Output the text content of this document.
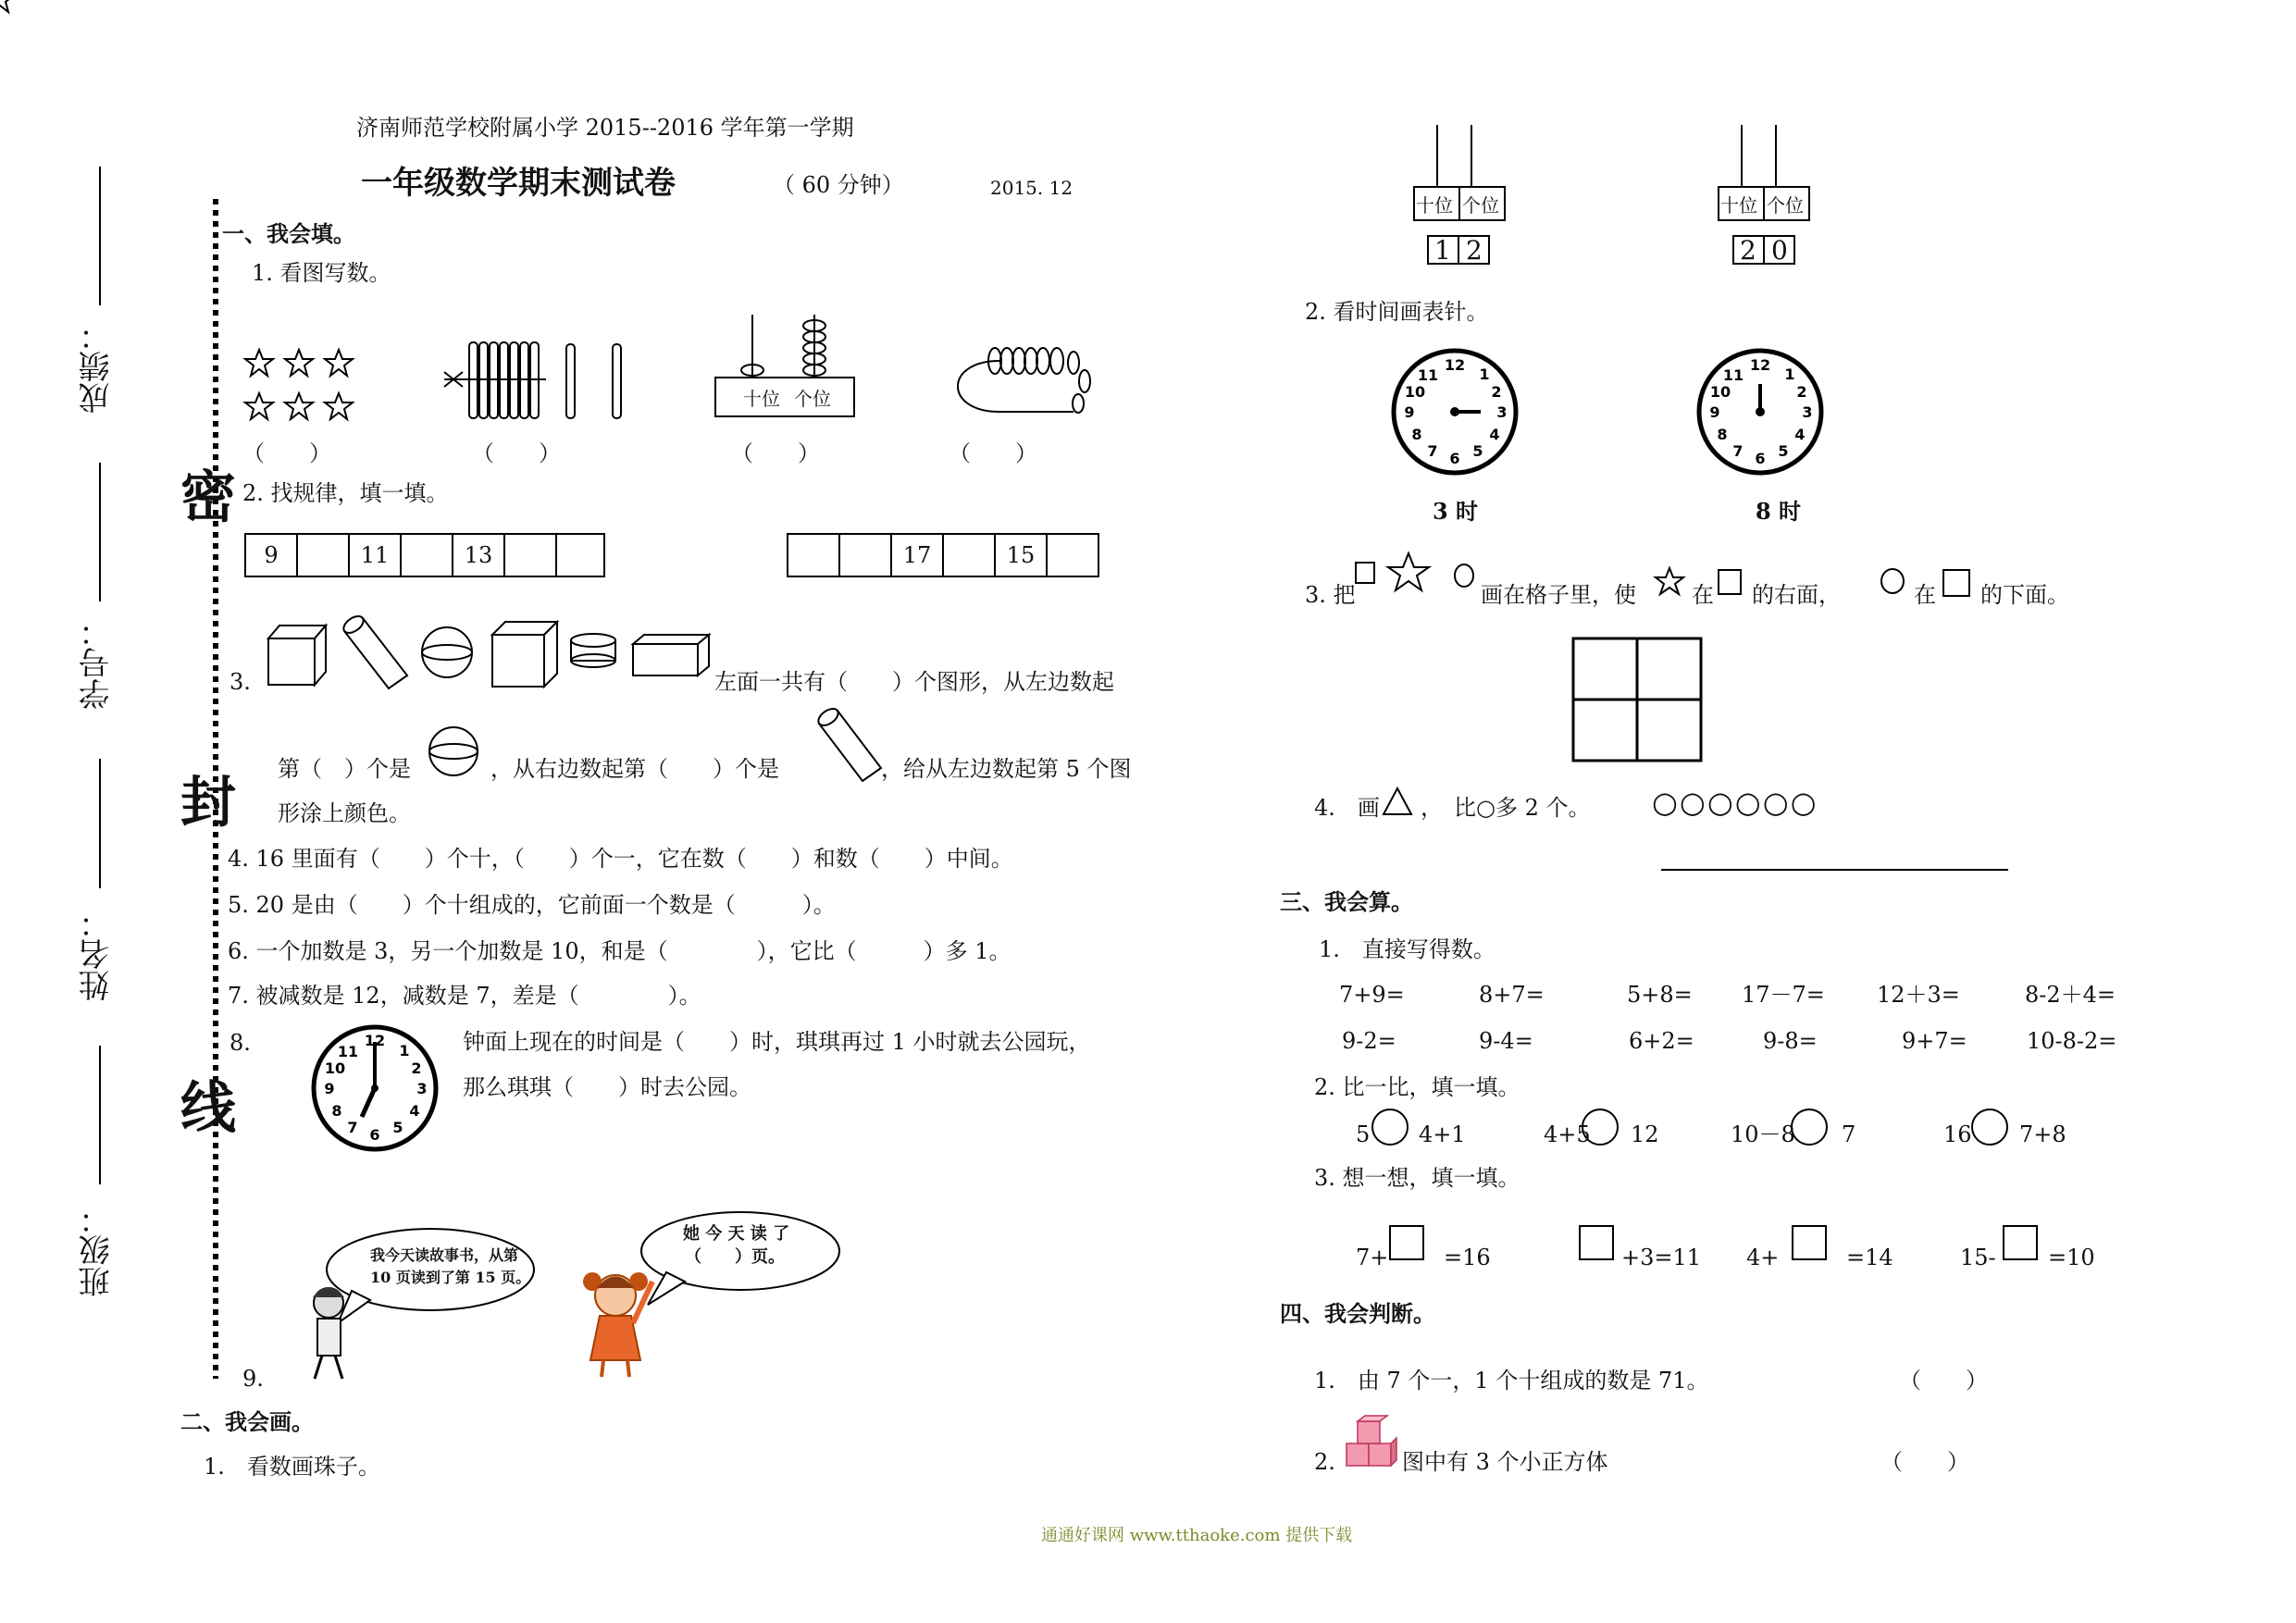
成绩：
学号：
姓名：
班级：
密
封
线
济南师范学校附属小学 2015--2016 学年第一学期
一年级数学期末测试卷	（ 60 分钟）	2015. 12
一、我会填。
1. 看图写数。
十位 个位
（　　）	（　　）	（　　）	（　　）
2. 找规律，填一填。
9	11	13	17	15
3.	左面一共有（　　）个图形，从左边数起
第（　）个是	，从右边数起第（　　）个是	，给从左边数起第 5 个图
形涂上颜色。
4. 16 里面有（　　）个十，（　　）个一，它在数（　　）和数（　　）中间。
5. 20 是由（　　）个十组成的，它前面一个数是（　　　）。
6. 一个加数是 3，另一个加数是 10，和是（　　　　），它比（　　　）多 1。
7. 被减数是 12，减数是 7，差是（　　　　）。
8.	12
1
2
3
4
5
6
7
8
9
10
11	钟面上现在的时间是（　　）时，琪琪再过 1 小时就去公园玩，
那么琪琪（　　）时去公园。
我今天读故事书，从第
10 页读到了第 15 页。
她 今 天 读 了
（　　）页。
9.
二、我会画。
1.　看数画珠子。
十位 个位
1 2
十位 个位
2 0
2. 看时间画表针。
12
1
2
3
4
5
6
7
8
9
10
11
12
1
2
3
4
5
6
7
8
9
10
11
3 时	8 时
3. 把	画在格子里，使	在 的右面，	在 的下面。
4.　画 ，　比○多 2 个。 ○○○○○○
三、我会算。
1.　直接写得数。
7+9=	8+7=	5+8= 17－7= 12＋3=	8-2＋4=
9-2=	9-4=	6+2=	9-8=	9+7=	10-8-2=
2. 比一比，填一填。
5 4+1	4+5 12	10－8 7	16 7+8
3. 想一想，填一填。
7+ =16	+3=11 4+	=14	15- =10
四、我会判断。
1.　由 7 个一，1 个十组成的数是 71。	（　　）
2.	图中有 3 个小正方体	（　　）
通通好课网 www.tthaoke.com 提供下载
